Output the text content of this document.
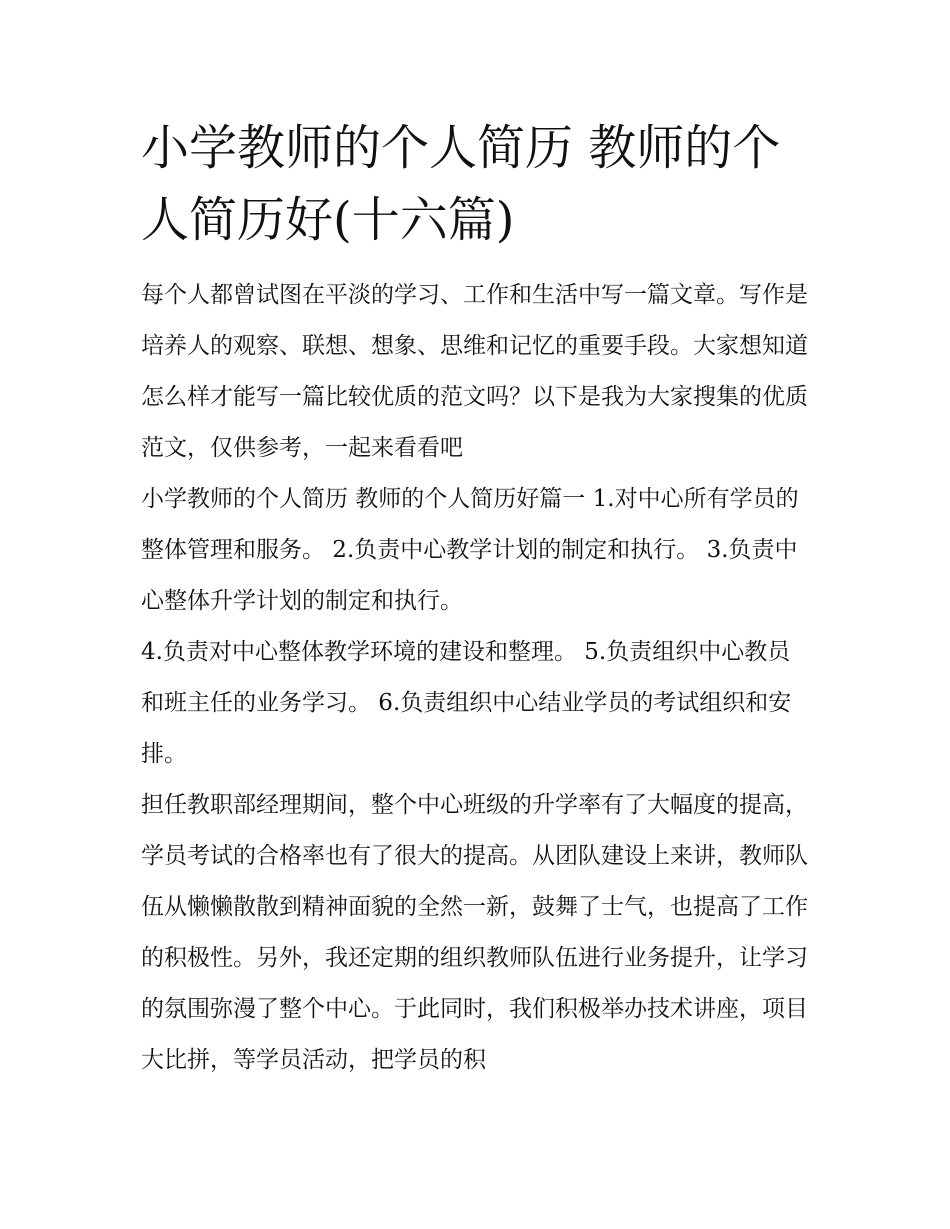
小学教师的个人简历 教师的个人简历好(十六篇)

每个人都曾试图在平淡的学习、工作和生活中写一篇文章。写作是培养人的观察、联想、想象、思维和记忆的重要手段。大家想知道怎么样才能写一篇比较优质的范文吗？以下是我为大家搜集的优质范文，仅供参考，一起来看看吧

小学教师的个人简历 教师的个人简历好篇一 1.对中心所有学员的整体管理和服务。 2.负责中心教学计划的制定和执行。 3.负责中心整体升学计划的制定和执行。

4.负责对中心整体教学环境的建设和整理。 5.负责组织中心教员和班主任的业务学习。 6.负责组织中心结业学员的考试组织和安排。

担任教职部经理期间，整个中心班级的升学率有了大幅度的提高，学员考试的合格率也有了很大的提高。从团队建设上来讲，教师队伍从懒懒散散到精神面貌的全然一新，鼓舞了士气，也提高了工作的积极性。另外，我还定期的组织教师队伍进行业务提升，让学习的氛围弥漫了整个中心。于此同时，我们积极举办技术讲座，项目大比拼，等学员活动，把学员的积
